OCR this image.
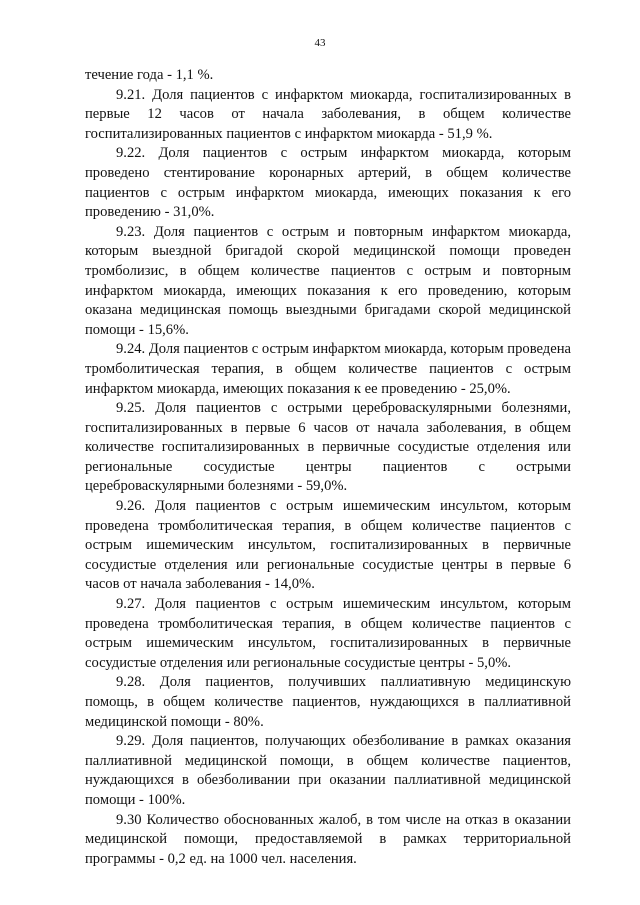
43

течение года - 1,1 %.

9.21. Доля пациентов с инфарктом миокарда, госпитализированных в первые 12 часов от начала заболевания, в общем количестве госпитализированных пациентов с инфарктом миокарда - 51,9 %.

9.22. Доля пациентов с острым инфарктом миокарда, которым проведено стентирование коронарных артерий, в общем количестве пациентов с острым инфарктом миокарда, имеющих показания к его проведению - 31,0%.

9.23. Доля пациентов с острым и повторным инфарктом миокарда, которым выездной бригадой скорой медицинской помощи проведен тромболизис, в общем количестве пациентов с острым и повторным инфарктом миокарда, имеющих показания к его проведению, которым оказана медицинская помощь выездными бригадами скорой медицинской помощи - 15,6%.

9.24. Доля пациентов с острым инфарктом миокарда, которым проведена тромболитическая терапия, в общем количестве пациентов с острым инфарктом миокарда, имеющих показания к ее проведению - 25,0%.

9.25. Доля пациентов с острыми цереброваскулярными болезнями, госпитализированных в первые 6 часов от начала заболевания, в общем количестве госпитализированных в первичные сосудистые отделения или региональные сосудистые центры пациентов с острыми цереброваскулярными болезнями - 59,0%.

9.26. Доля пациентов с острым ишемическим инсультом, которым проведена тромболитическая терапия, в общем количестве пациентов с острым ишемическим инсультом, госпитализированных в первичные сосудистые отделения или региональные сосудистые центры в первые 6 часов от начала заболевания - 14,0%.

9.27. Доля пациентов с острым ишемическим инсультом, которым проведена тромболитическая терапия, в общем количестве пациентов с острым ишемическим инсультом, госпитализированных в первичные сосудистые отделения или региональные сосудистые центры - 5,0%.

9.28. Доля пациентов, получивших паллиативную медицинскую помощь, в общем количестве пациентов, нуждающихся в паллиативной медицинской помощи - 80%.

9.29. Доля пациентов, получающих обезболивание в рамках оказания паллиативной медицинской помощи, в общем количестве пациентов, нуждающихся в обезболивании при оказании паллиативной медицинской помощи - 100%.

9.30 Количество обоснованных жалоб, в том числе на отказ в оказании медицинской помощи, предоставляемой в рамках территориальной программы - 0,2 ед. на 1000 чел. населения.
